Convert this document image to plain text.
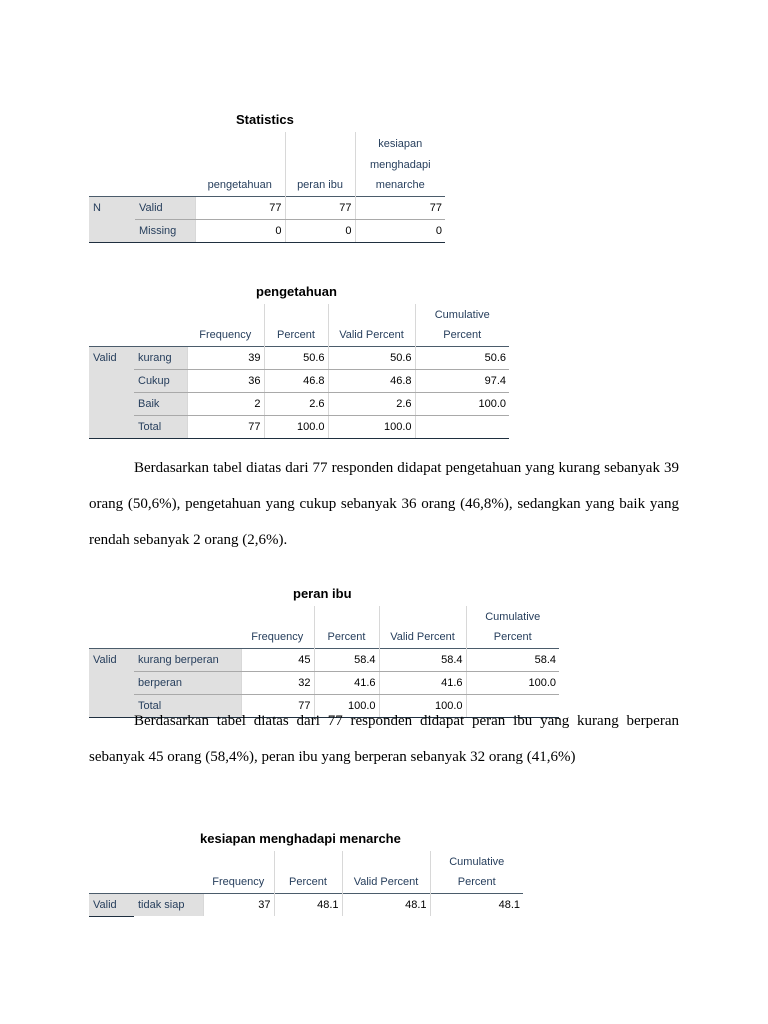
Statistics
		pengetahuan	peran ibu	kesiapan menghadapi menarche
N	Valid	77	77	77
	Missing	0	0	0
pengetahuan
		Frequency	Percent	Valid Percent	Cumulative Percent
Valid	kurang	39	50.6	50.6	50.6
	Cukup	36	46.8	46.8	97.4
	Baik	2	2.6	2.6	100.0
	Total	77	100.0	100.0	

Berdasarkan tabel diatas dari 77 responden didapat pengetahuan yang kurang sebanyak 39 orang (50,6%), pengetahuan yang cukup sebanyak 36 orang (46,8%), sedangkan yang baik yang rendah sebanyak 2 orang (2,6%).

peran ibu
		Frequency	Percent	Valid Percent	Cumulative Percent
Valid	kurang berperan	45	58.4	58.4	58.4
	berperan	32	41.6	41.6	100.0
	Total	77	100.0	100.0	

Berdasarkan tabel diatas dari 77 responden didapat peran ibu yang kurang berperan sebanyak 45 orang (58,4%), peran ibu yang berperan sebanyak 32 orang (41,6%)

kesiapan menghadapi menarche
		Frequency	Percent	Valid Percent	Cumulative Percent
Valid	tidak siap	37	48.1	48.1	48.1
